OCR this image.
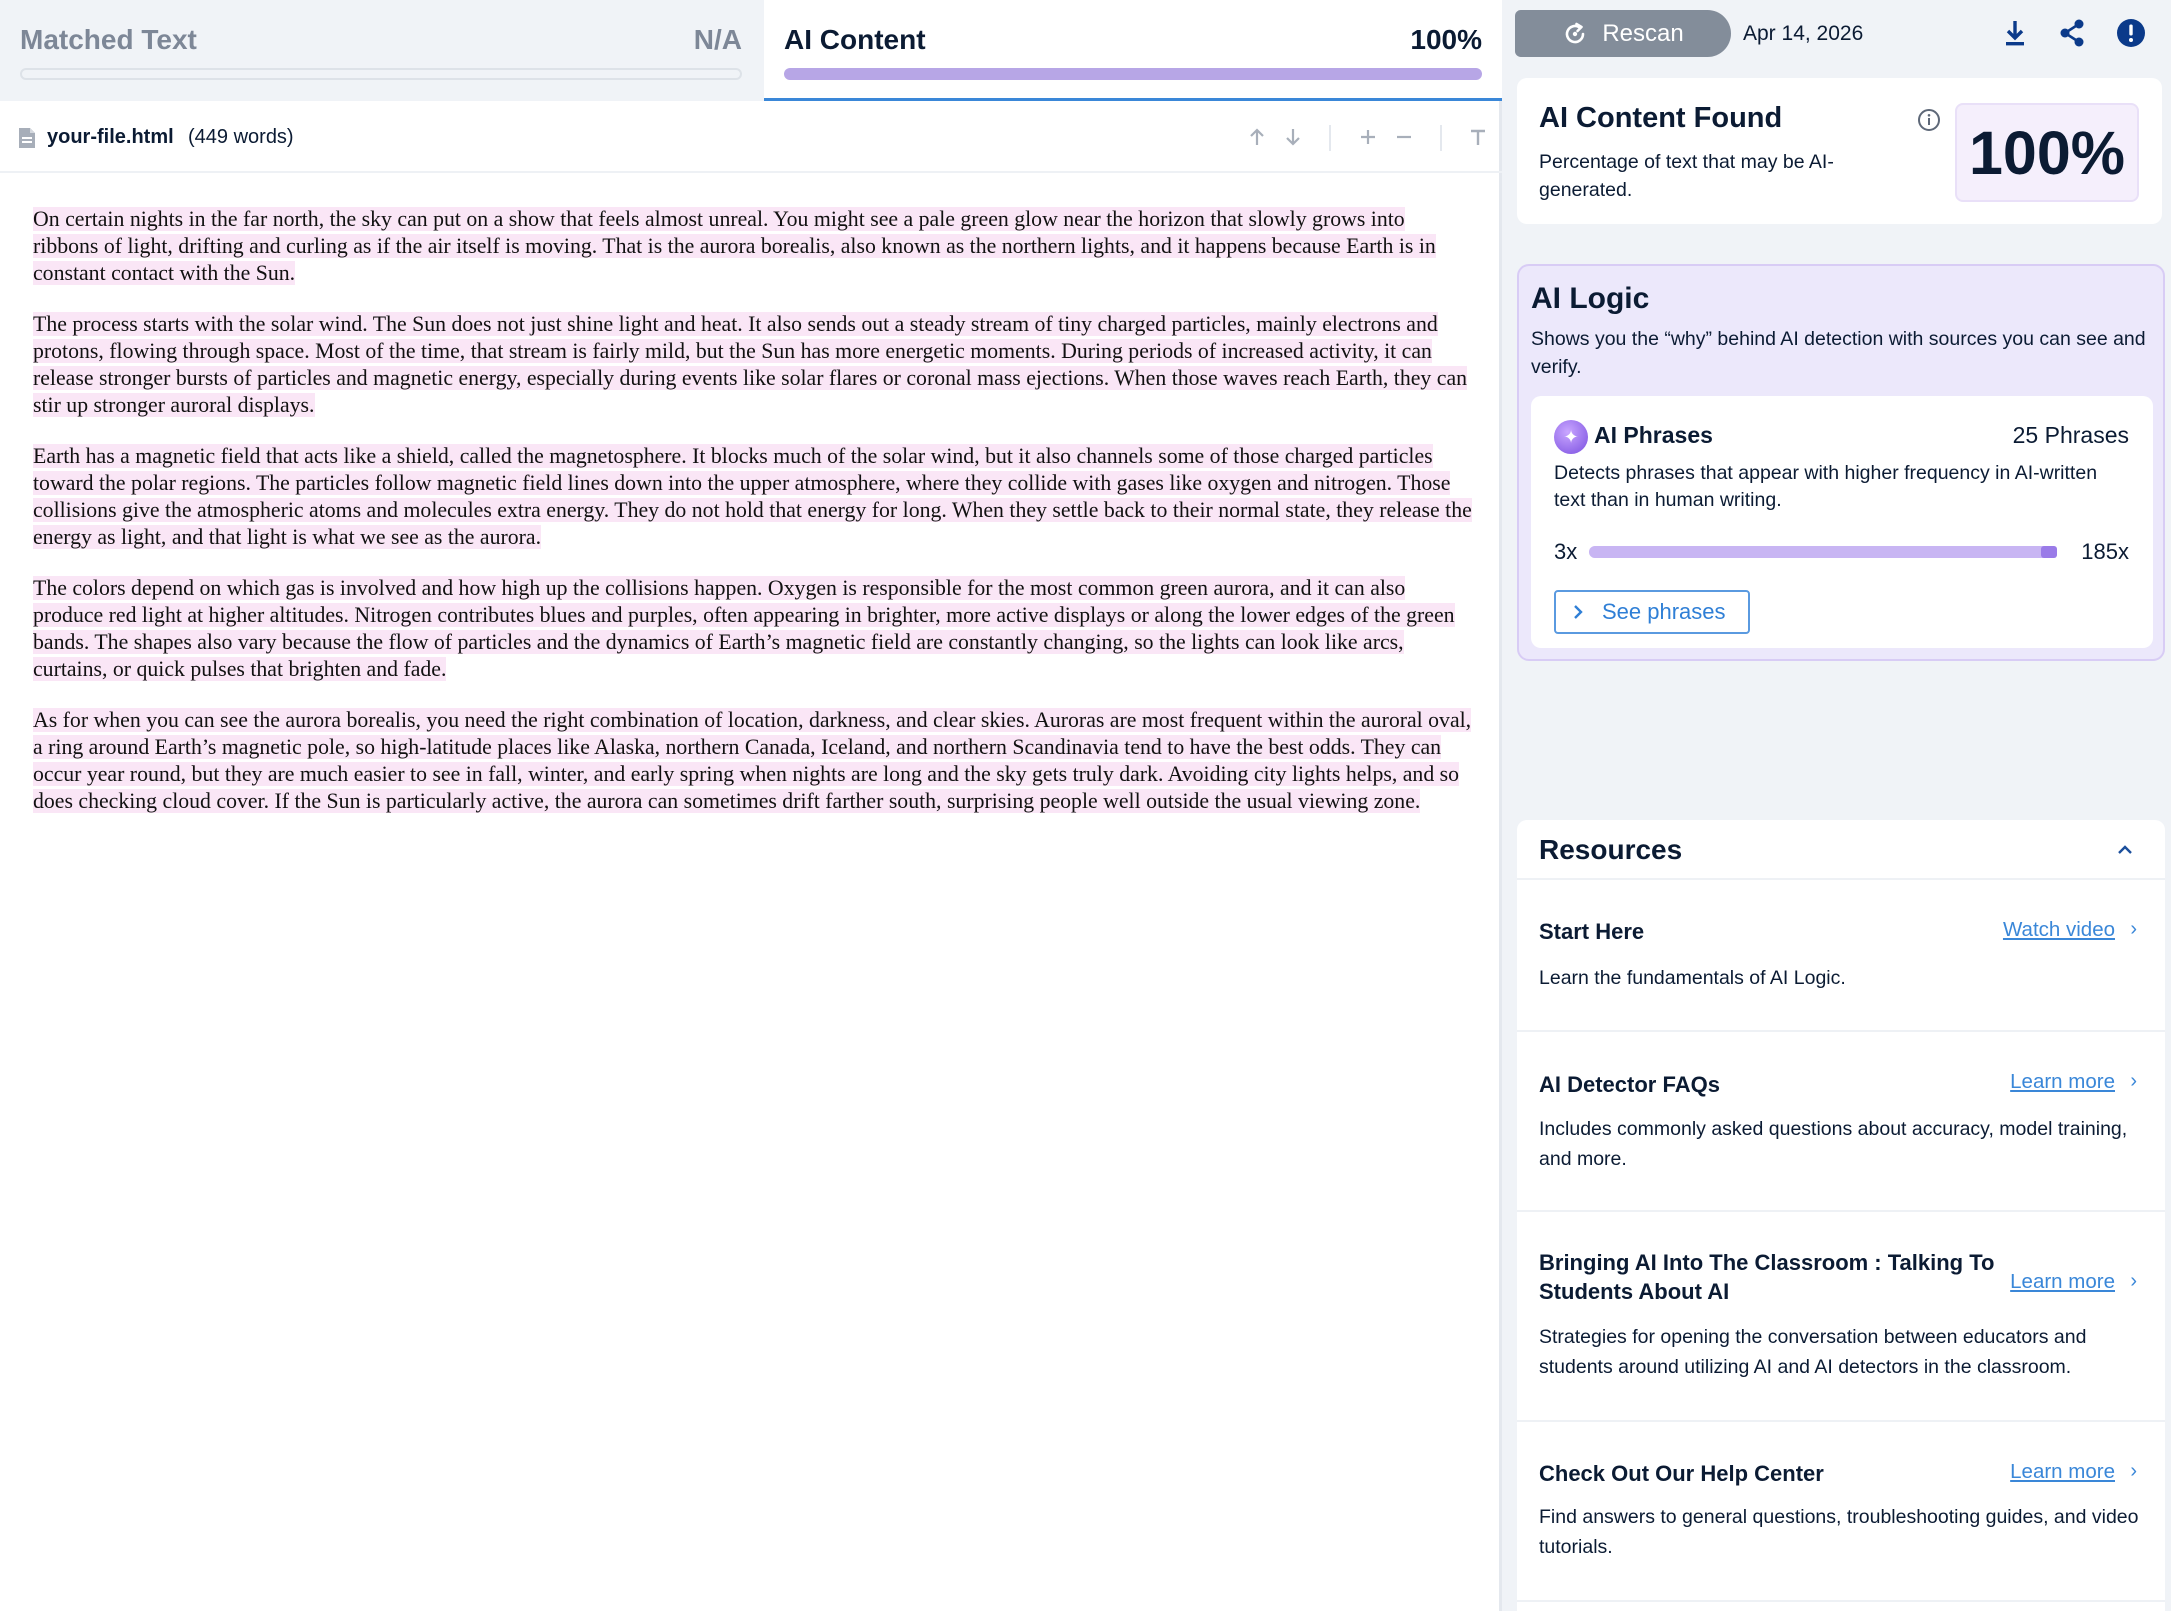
Matched Text	N/A AI Content	100%
your-file.html (449 words)

On certain nights in the far north, the sky can put on a show that feels almost unreal. You might see a pale green glow near the horizon that slowly grows into ribbons of light, drifting and curling as if the air itself is moving. That is the aurora borealis, also known as the northern lights, and it happens because Earth is in constant contact with the Sun.

The process starts with the solar wind. The Sun does not just shine light and heat. It also sends out a steady stream of tiny charged particles, mainly electrons and protons, flowing through space. Most of the time, that stream is fairly mild, but the Sun has more energetic moments. During periods of increased activity, it can release stronger bursts of particles and magnetic energy, especially during events like solar flares or coronal mass ejections. When those waves reach Earth, they can stir up stronger auroral displays.

Earth has a magnetic field that acts like a shield, called the magnetosphere. It blocks much of the solar wind, but it also channels some of those charged particles toward the polar regions. The particles follow magnetic field lines down into the upper atmosphere, where they collide with gases like oxygen and nitrogen. Those collisions give the atmospheric atoms and molecules extra energy. They do not hold that energy for long. When they settle back to their normal state, they release the energy as light, and that light is what we see as the aurora.

The colors depend on which gas is involved and how high up the collisions happen. Oxygen is responsible for the most common green aurora, and it can also produce red light at higher altitudes. Nitrogen contributes blues and purples, often appearing in brighter, more active displays or along the lower edges of the green bands. The shapes also vary because the flow of particles and the dynamics of Earth’s magnetic field are constantly changing, so the lights can look like arcs, curtains, or quick pulses that brighten and fade.

As for when you can see the aurora borealis, you need the right combination of location, darkness, and clear skies. Auroras are most frequent within the auroral oval, a ring around Earth’s magnetic pole, so high-latitude places like Alaska, northern Canada, Iceland, and northern Scandinavia tend to have the best odds. They can occur year round, but they are much easier to see in fall, winter, and early spring when nights are long and the sky gets truly dark. Avoiding city lights helps, and so does checking cloud cover. If the Sun is particularly active, the aurora can sometimes drift farther south, surprising people well outside the usual viewing zone.

Rescan	Apr 14, 2026
AI Content Found
Percentage of text that may be AI-generated.
100%
AI Logic
Shows you the “why” behind AI detection with sources you can see and verify.
✦ AI Phrases	25 Phrases
Detects phrases that appear with higher frequency in AI-written text than in human writing.
3x	185x
See phrases
Resources
Start Here	Watch video ›
Learn the fundamentals of AI Logic.
AI Detector FAQs	Learn more ›
Includes commonly asked questions about accuracy, model training, and more.
Bringing AI Into The Classroom : Talking To Students About AI	Learn more ›
Strategies for opening the conversation between educators and students around utilizing AI and AI detectors in the classroom.
Check Out Our Help Center	Learn more ›
Find answers to general questions, troubleshooting guides, and video tutorials.
